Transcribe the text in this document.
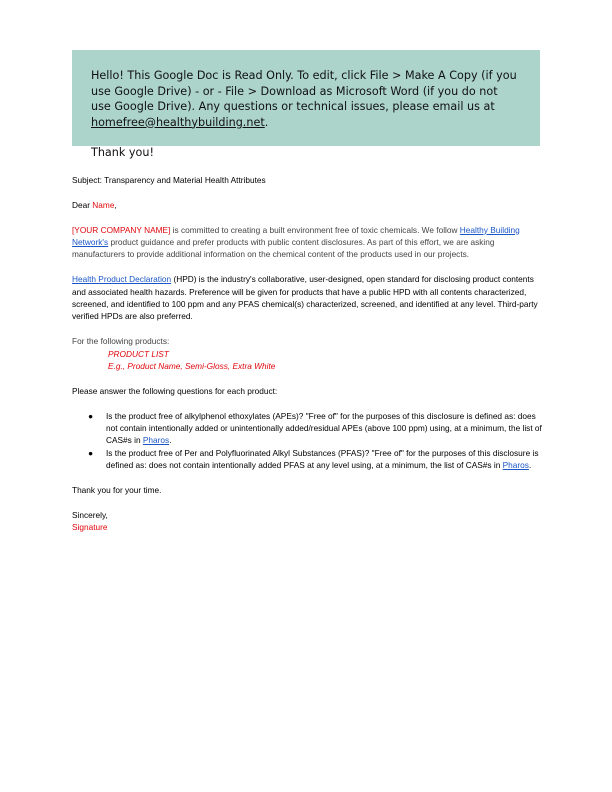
Hello! This Google Doc is Read Only. To edit, click File > Make A Copy (if you use Google Drive) - or - File > Download as Microsoft Word (if you do not use Google Drive). Any questions or technical issues, please email us at homefree@healthybuilding.net.

Thank you!

Subject: Transparency and Material Health Attributes

Dear Name,

[YOUR COMPANY NAME] is committed to creating a built environment free of toxic chemicals. We follow Healthy Building Network's product guidance and prefer products with public content disclosures. As part of this effort, we are asking manufacturers to provide additional information on the chemical content of the products used in our projects.

Health Product Declaration (HPD) is the industry's collaborative, user-designed, open standard for disclosing product contents and associated health hazards. Preference will be given for products that have a public HPD with all contents characterized, screened, and identified to 100 ppm and any PFAS chemical(s) characterized, screened, and identified at any level. Third-party verified HPDs are also preferred.

For the following products:

PRODUCT LIST

E.g., Product Name, Semi-Gloss, Extra White

Please answer the following questions for each product:

● Is the product free of alkylphenol ethoxylates (APEs)? "Free of" for the purposes of this disclosure is defined as: does not contain intentionally added or unintentionally added/residual APEs (above 100 ppm) using, at a minimum, the list of CAS#s in Pharos.
● Is the product free of Per and Polyfluorinated Alkyl Substances (PFAS)? "Free of" for the purposes of this disclosure is defined as: does not contain intentionally added PFAS at any level using, at a minimum, the list of CAS#s in Pharos.

Thank you for your time.

Sincerely,

Signature
